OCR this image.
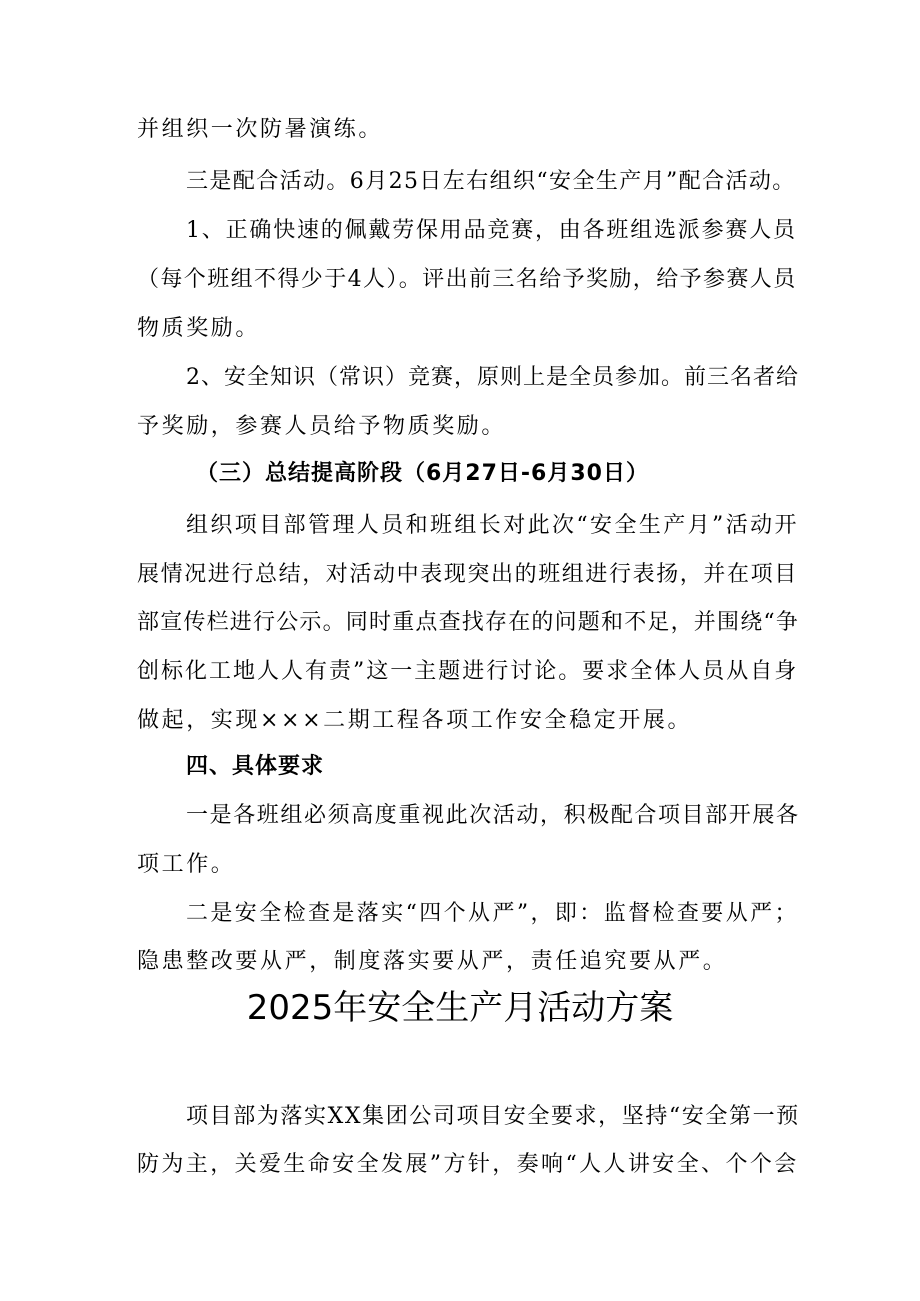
并组织一次防暑演练。
三是配合活动。6月25日左右组织“安全生产月”配合活动。
1、正确快速的佩戴劳保用品竞赛，由各班组选派参赛人员
（每个班组不得少于4人）。评出前三名给予奖励，给予参赛人员
物质奖励。
2、安全知识（常识）竞赛，原则上是全员参加。前三名者给
予奖励，参赛人员给予物质奖励。
（三）总结提高阶段（6月27日-6月30日）
组织项目部管理人员和班组长对此次“安全生产月”活动开
展情况进行总结，对活动中表现突出的班组进行表扬，并在项目
部宣传栏进行公示。同时重点查找存在的问题和不足，并围绕“争
创标化工地人人有责”这一主题进行讨论。要求全体人员从自身
做起，实现×××二期工程各项工作安全稳定开展。
四、具体要求
一是各班组必须高度重视此次活动，积极配合项目部开展各
项工作。
二是安全检查是落实“四个从严”，即：监督检查要从严；
隐患整改要从严，制度落实要从严，责任追究要从严。
2025年安全生产月活动方案
项目部为落实XX集团公司项目安全要求，坚持“安全第一预
防为主，关爱生命安全发展”方针，奏响“人人讲安全、个个会
